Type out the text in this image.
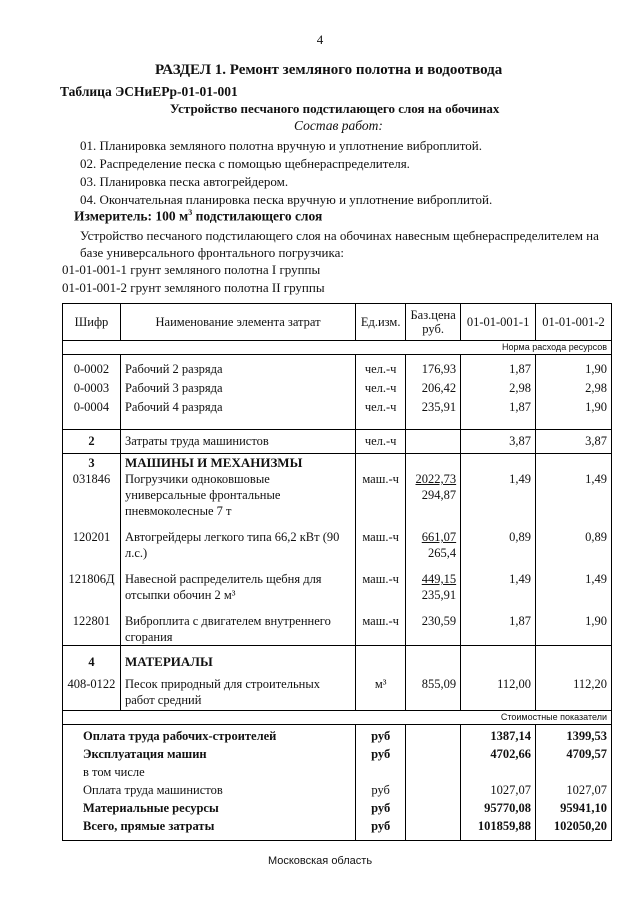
4
РАЗДЕЛ 1. Ремонт земляного полотна и водоотвода
Таблица ЭСНиЕРр-01-01-001
Устройство песчаного подстилающего слоя на обочинах
Состав работ:
01. Планировка земляного полотна вручную и уплотнение виброплитой.
02. Распределение песка с помощью щебнераспределителя.
03. Планировка песка автогрейдером.
04. Окончательная планировка песка вручную и уплотнение виброплитой.
Измеритель: 100 $м^3$ подстилающего слоя
Устройство песчаного подстилающего слоя на обочинах навесным щебнераспределителем на
базе универсального фронтального погрузчика:
01-01-001-1 грунт земляного полотна I группы
01-01-001-2 грунт земляного полотна II группы
Шифр	Наименование элемента затрат	Ед.изм.	Баз.цена
руб.	01-01-001-1	01-01-001-2
Норма расхода ресурсов					
0-0002	Рабочий 2 разряда	чел.-ч	176,93	1,87	1,90
0-0003	Рабочий 3 разряда	чел.-ч	206,42	2,98	2,98
0-0004	Рабочий 4 разряда	чел.-ч	235,91	1,87	1,90
2	Затраты труда машинистов	чел.-ч		3,87	3,87
3	МАШИНЫ И МЕХАНИЗМЫ				
031846	Погрузчики одноковшовые
универсальные фронтальные
пневмоколесные 7 т	маш.-ч	2022,73
294,87	1,49	1,49
120201	Автогрейдеры легкого типа 66,2 кВт (90
л.с.)	маш.-ч	661,07
265,4	0,89	0,89
121806Д	Навесной распределитель щебня для
отсыпки обочин 2 м³	маш.-ч	449,15
235,91	1,49	1,49
122801	Виброплита с двигателем внутреннего
сгорания	маш.-ч	230,59	1,87	1,90
4	МАТЕРИАЛЫ				
408-0122	Песок природный для строительных
работ средний	м³	855,09	112,00	112,20
Стоимостные показатели					
Оплата труда рабочих-строителей		руб		1387,14	1399,53
Эксплуатация машин		руб		4702,66	4709,57
в том числе					
Оплата труда машинистов		руб		1027,07	1027,07
Материальные ресурсы		руб		95770,08	95941,10
Всего, прямые затраты		руб		101859,88	102050,20
Московская область
